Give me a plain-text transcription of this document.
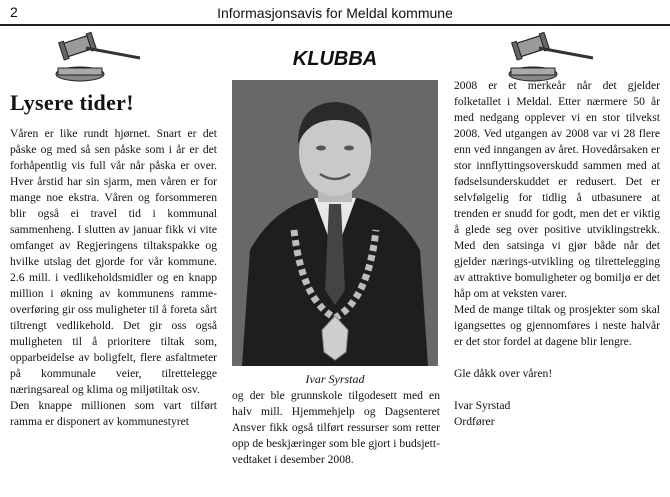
2	Informasjonsavis for Meldal kommune
KLUBBA
Lysere tider!

Våren er like rundt hjørnet. Snart er det påske og med så sen påske som i år er det forhåpentlig vis full vår når påska er over. Hver årstid har sin sjarm, men våren er for mange noe ekstra. Våren og forsommeren blir også ei travel tid i kommunal sammenheng. I slutten av januar fikk vi vite omfanget av Regjeringens tiltakspakke og hvilke utslag det gjorde for vår kommune. 2.6 mill. i vedlikeholdsmidler og en knapp million i økning av kommunens ramme-overføring gir oss muligheter til å foreta sårt tiltrengt vedlikehold. Det gir oss også muligheten til å prioritere tiltak som, opparbeidelse av boligfelt, flere asfaltmeter på kommunale veier, tilrettelegge næringsareal og klima og miljøtiltak osv.

Den knappe millionen som vart tilført ramma er disponert av kommunestyret

Ivar Syrstad

og der ble grunnskole tilgodesett med en halv mill. Hjemmehjelp og Dagsenteret Ansver fikk også tilført ressurser som retter opp de beskjæringer som ble gjort i budsjett-vedtaket i desember 2008.

2008 er et merkeår når det gjelder folketallet i Meldal. Etter nærmere 50 år med nedgang opplever vi en stor tilvekst 2008. Ved utgangen av 2008 var vi 28 flere enn ved inngangen av året. Hovedårsaken er stor innflyttingsoverskudd sammen med at fødselsunderskuddet er redusert. Det er selvfølgelig for tidlig å utbasunere at trenden er snudd for godt, men det er viktig å glede seg over positive utviklingstrekk. Med den satsinga vi gjør både når det gjelder nærings-utvikling og tilrettelegging av attraktive bomuligheter og bomiljø er det håp om at veksten varer.

Med de mange tiltak og prosjekter som skal igangsettes og gjennomføres i neste halvår er det stor fordel at dagene blir lengre.

Gle dåkk over våren!

Ivar Syrstad

Ordfører
